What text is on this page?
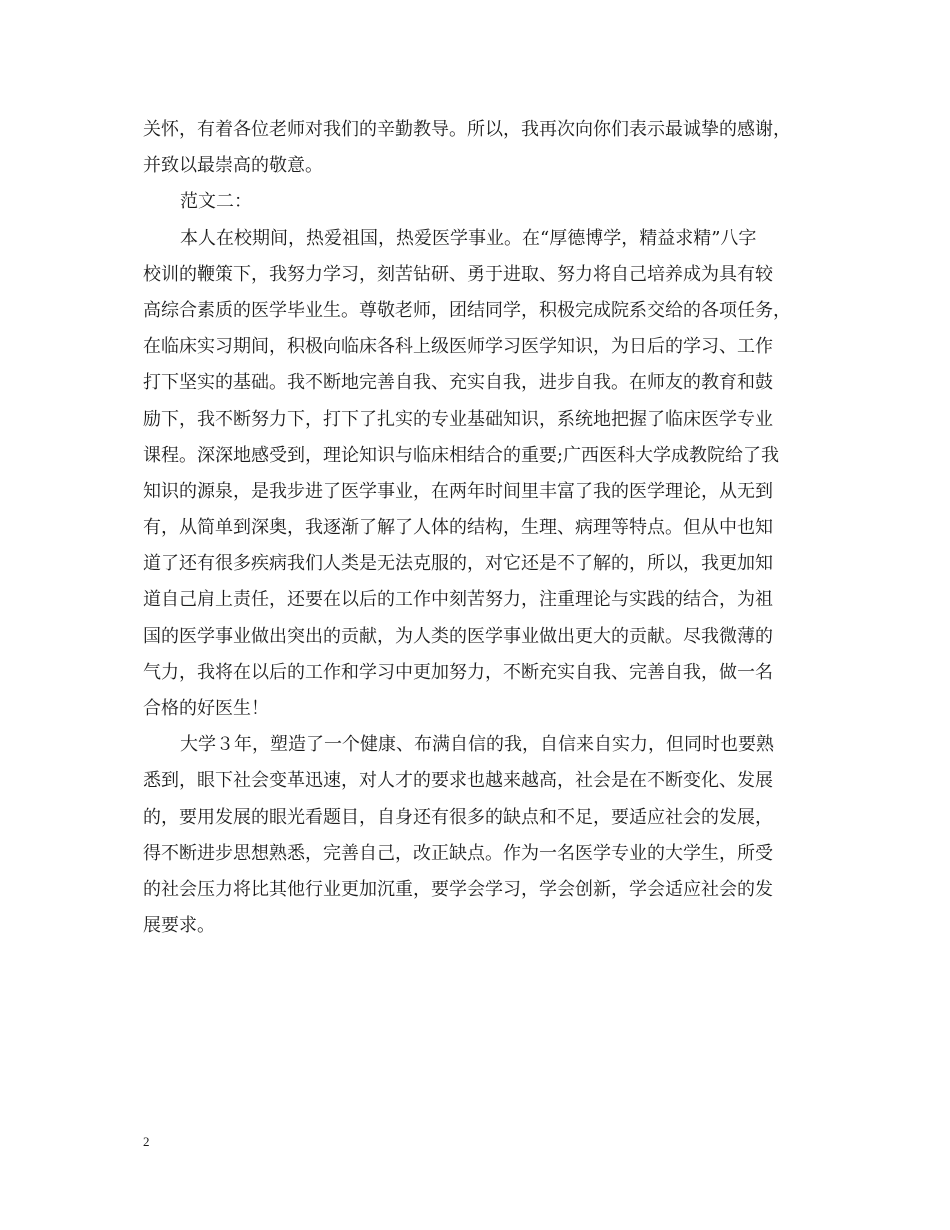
关怀，有着各位老师对我们的辛勤教导。所以，我再次向你们表示最诚挚的感谢，
并致以最崇高的敬意。
范文二：
本人在校期间，热爱祖国，热爱医学事业。在“厚德博学，精益求精”八字
校训的鞭策下，我努力学习，刻苦钻研、勇于进取、努力将自己培养成为具有较
高综合素质的医学毕业生。尊敬老师，团结同学，积极完成院系交给的各项任务，
在临床实习期间，积极向临床各科上级医师学习医学知识，为日后的学习、工作
打下坚实的基础。我不断地完善自我、充实自我，进步自我。在师友的教育和鼓
励下，我不断努力下，打下了扎实的专业基础知识，系统地把握了临床医学专业
课程。深深地感受到，理论知识与临床相结合的重要;广西医科大学成教院给了我
知识的源泉，是我步进了医学事业，在两年时间里丰富了我的医学理论，从无到
有，从简单到深奥，我逐渐了解了人体的结构，生理、病理等特点。但从中也知
道了还有很多疾病我们人类是无法克服的，对它还是不了解的，所以，我更加知
道自己肩上责任，还要在以后的工作中刻苦努力，注重理论与实践的结合，为祖
国的医学事业做出突出的贡献，为人类的医学事业做出更大的贡献。尽我微薄的
气力，我将在以后的工作和学习中更加努力，不断充实自我、完善自我，做一名
合格的好医生！
大学３年，塑造了一个健康、布满自信的我，自信来自实力，但同时也要熟
悉到，眼下社会变革迅速，对人才的要求也越来越高，社会是在不断变化、发展
的，要用发展的眼光看题目，自身还有很多的缺点和不足，要适应社会的发展，
得不断进步思想熟悉，完善自己，改正缺点。作为一名医学专业的大学生，所受
的社会压力将比其他行业更加沉重，要学会学习，学会创新，学会适应社会的发
展要求。
2
